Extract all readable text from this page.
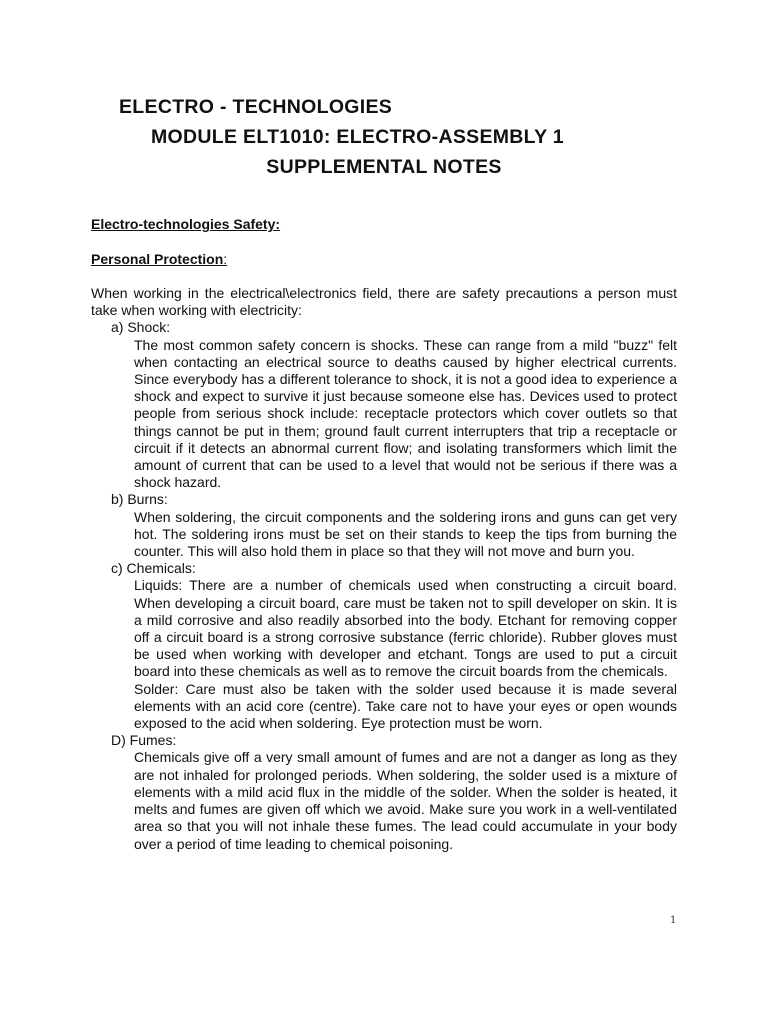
ELECTRO - TECHNOLOGIES
MODULE ELT1010: ELECTRO-ASSEMBLY 1
SUPPLEMENTAL NOTES
Electro-technologies Safety:
Personal Protection:

When working in the electrical\electronics field, there are safety precautions a person must take when working with electricity:

a) Shock:

The most common safety concern is shocks. These can range from a mild "buzz" felt when contacting an electrical source to deaths caused by higher electrical currents. Since everybody has a different tolerance to shock, it is not a good idea to experience a shock and expect to survive it just because someone else has. Devices used to protect people from serious shock include: receptacle protectors which cover outlets so that things cannot be put in them; ground fault current interrupters that trip a receptacle or circuit if it detects an abnormal current flow; and isolating transformers which limit the amount of current that can be used to a level that would not be serious if there was a shock hazard.

b) Burns:

When soldering, the circuit components and the soldering irons and guns can get very hot. The soldering irons must be set on their stands to keep the tips from burning the counter. This will also hold them in place so that they will not move and burn you.

c) Chemicals:

Liquids: There are a number of chemicals used when constructing a circuit board. When developing a circuit board, care must be taken not to spill developer on skin. It is a mild corrosive and also readily absorbed into the body. Etchant for removing copper off a circuit board is a strong corrosive substance (ferric chloride). Rubber gloves must be used when working with developer and etchant. Tongs are used to put a circuit board into these chemicals as well as to remove the circuit boards from the chemicals.

Solder: Care must also be taken with the solder used because it is made several elements with an acid core (centre). Take care not to have your eyes or open wounds exposed to the acid when soldering. Eye protection must be worn.

D) Fumes:

Chemicals give off a very small amount of fumes and are not a danger as long as they are not inhaled for prolonged periods. When soldering, the solder used is a mixture of elements with a mild acid flux in the middle of the solder. When the solder is heated, it melts and fumes are given off which we avoid. Make sure you work in a well-ventilated area so that you will not inhale these fumes. The lead could accumulate in your body over a period of time leading to chemical poisoning.

1
